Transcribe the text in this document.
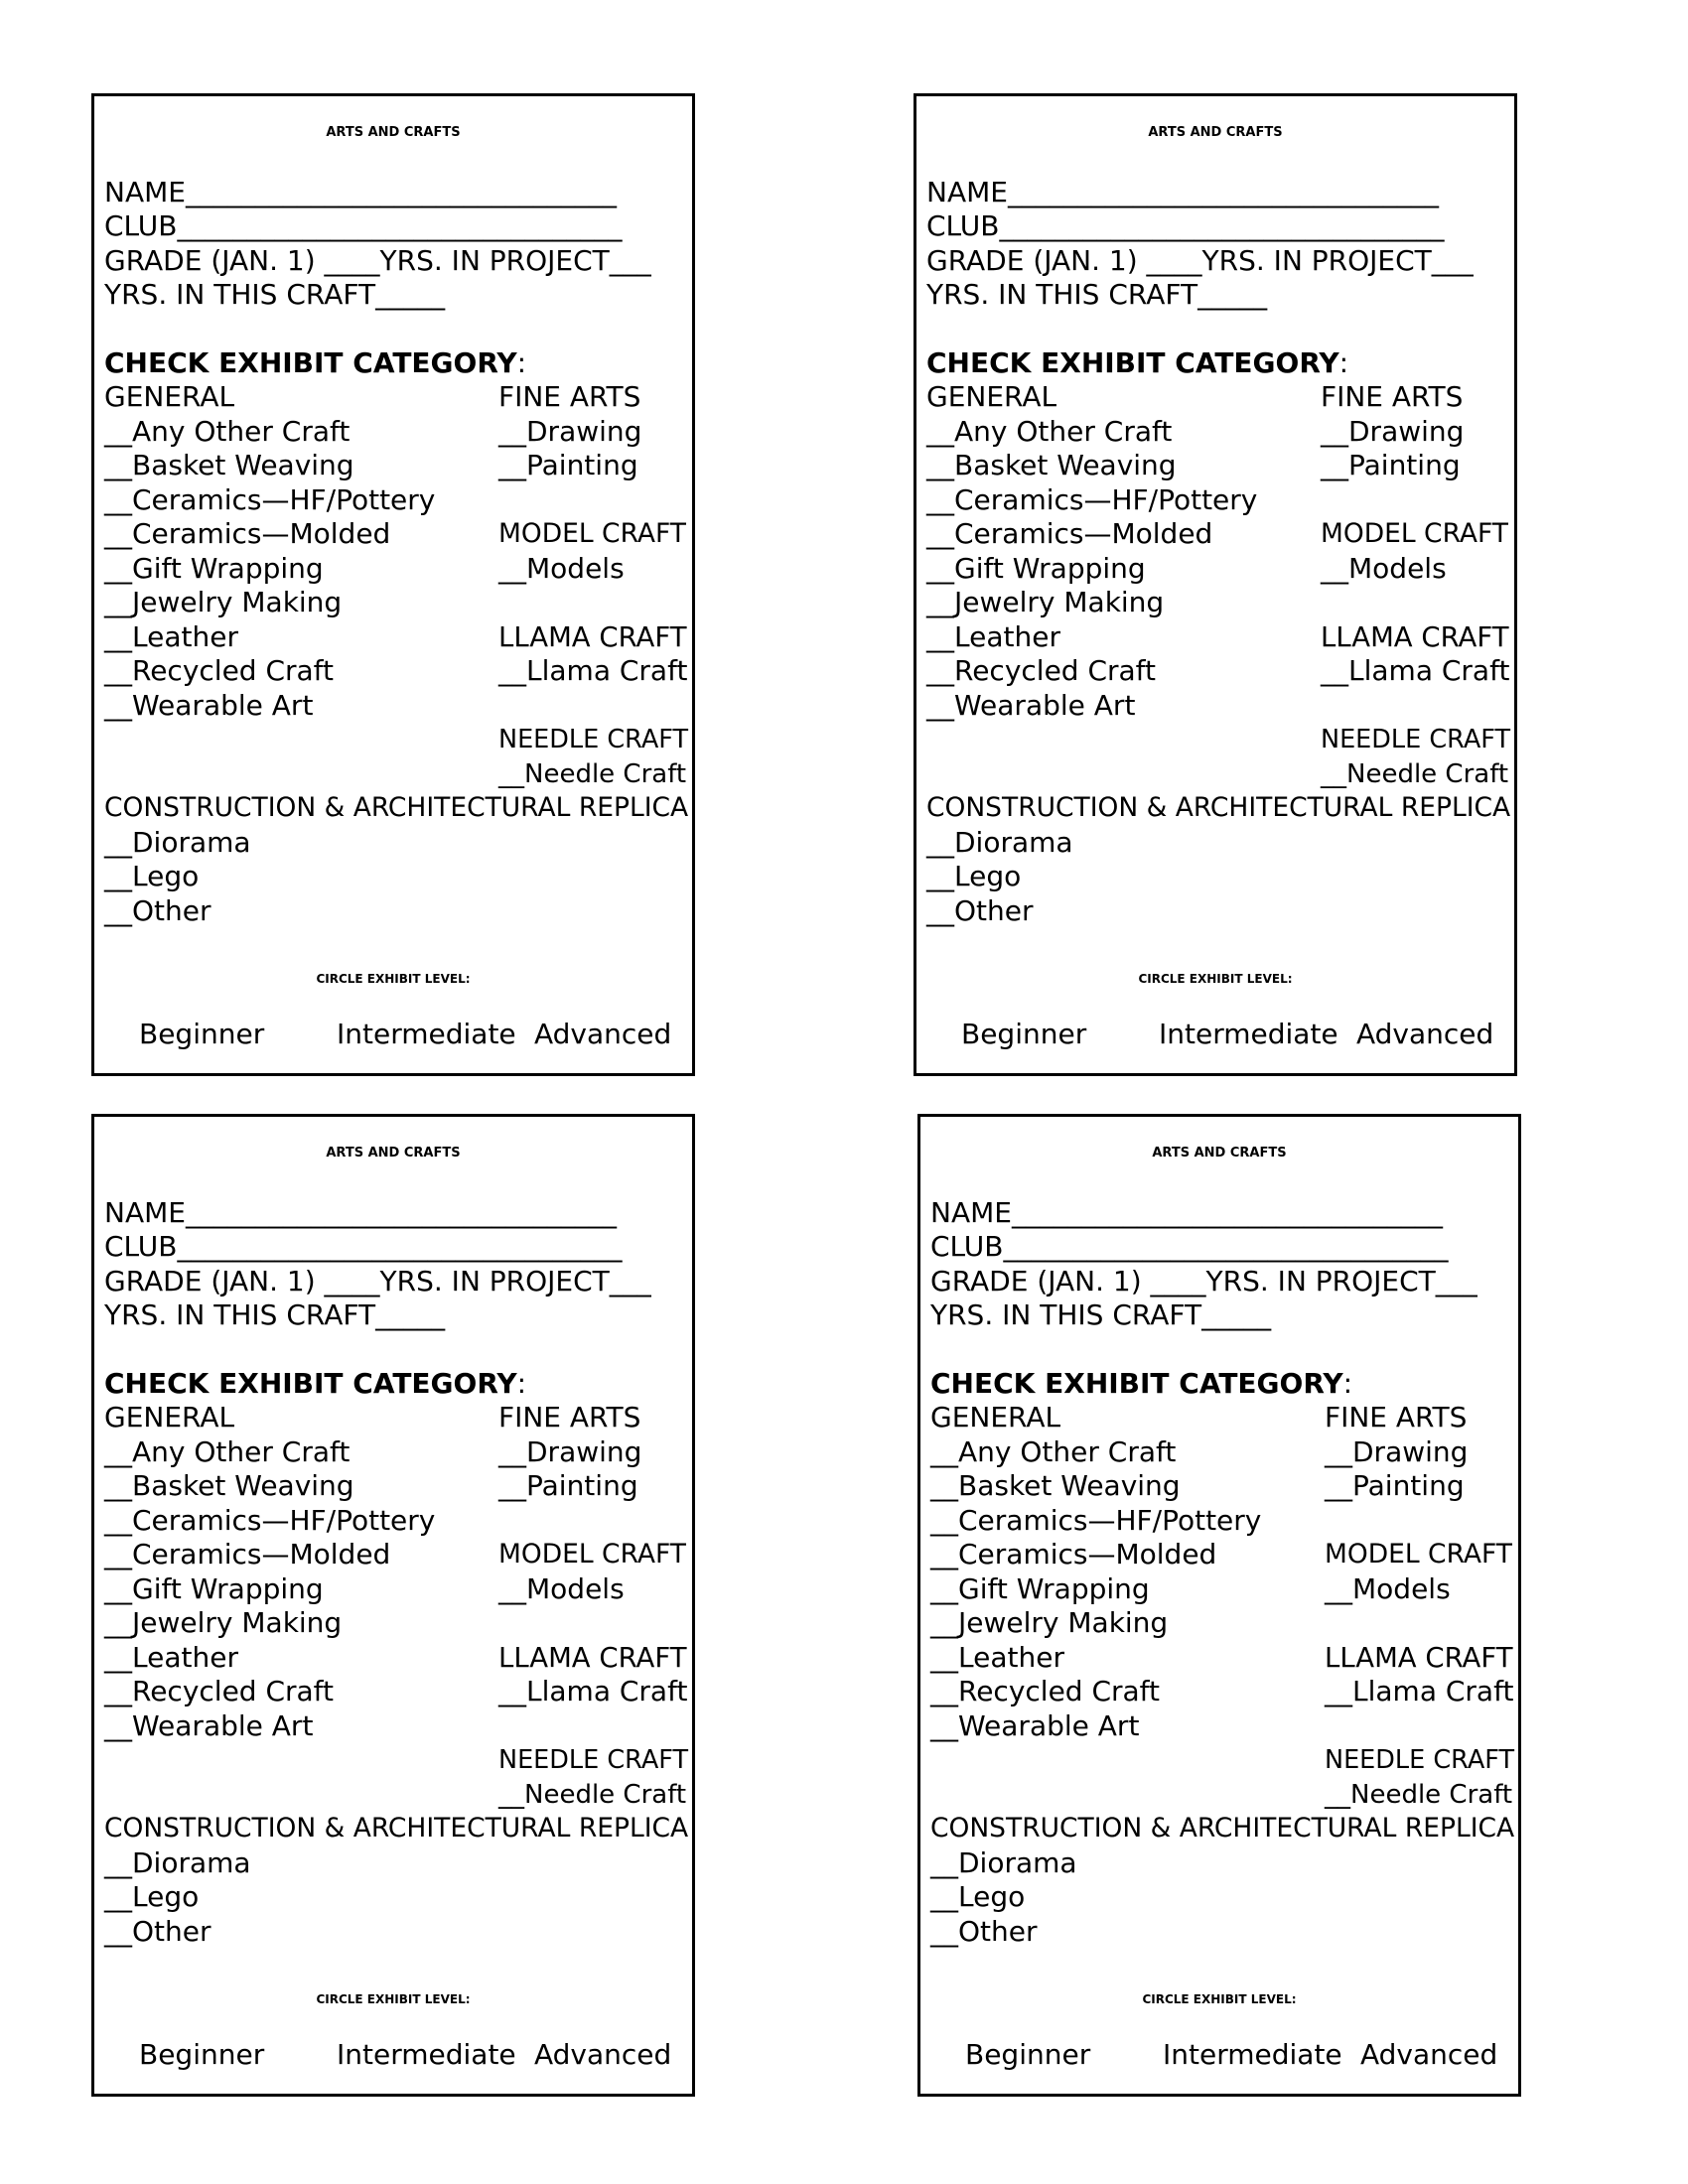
ARTS AND CRAFTS
NAME_______________________________
CLUB________________________________
GRADE (JAN. 1) ____YRS. IN PROJECT___
YRS. IN THIS CRAFT_____
CHECK EXHIBIT CATEGORY:
GENERAL
__Any Other Craft
__Basket Weaving
__Ceramics—HF/Pottery
__Ceramics—Molded
__Gift Wrapping
__Jewelry Making
__Leather
__Recycled Craft
__Wearable Art
FINE ARTS
__Drawing
__Painting
MODEL CRAFT
__Models
LLAMA CRAFT
__Llama Craft
NEEDLE CRAFT
__Needle Craft
CONSTRUCTION & ARCHITECTURAL REPLICA
__Diorama
__Lego
__Other
CIRCLE EXHIBIT LEVEL:
Beginner	Intermediate Advanced
ARTS AND CRAFTS
NAME_______________________________
CLUB________________________________
GRADE (JAN. 1) ____YRS. IN PROJECT___
YRS. IN THIS CRAFT_____
CHECK EXHIBIT CATEGORY:
GENERAL
__Any Other Craft
__Basket Weaving
__Ceramics—HF/Pottery
__Ceramics—Molded
__Gift Wrapping
__Jewelry Making
__Leather
__Recycled Craft
__Wearable Art
FINE ARTS
__Drawing
__Painting
MODEL CRAFT
__Models
LLAMA CRAFT
__Llama Craft
NEEDLE CRAFT
__Needle Craft
CONSTRUCTION & ARCHITECTURAL REPLICA
__Diorama
__Lego
__Other
CIRCLE EXHIBIT LEVEL:
Beginner	Intermediate Advanced
ARTS AND CRAFTS
NAME_______________________________
CLUB________________________________
GRADE (JAN. 1) ____YRS. IN PROJECT___
YRS. IN THIS CRAFT_____
CHECK EXHIBIT CATEGORY:
GENERAL
__Any Other Craft
__Basket Weaving
__Ceramics—HF/Pottery
__Ceramics—Molded
__Gift Wrapping
__Jewelry Making
__Leather
__Recycled Craft
__Wearable Art
FINE ARTS
__Drawing
__Painting
MODEL CRAFT
__Models
LLAMA CRAFT
__Llama Craft
NEEDLE CRAFT
__Needle Craft
CONSTRUCTION & ARCHITECTURAL REPLICA
__Diorama
__Lego
__Other
CIRCLE EXHIBIT LEVEL:
Beginner	Intermediate Advanced
ARTS AND CRAFTS
NAME_______________________________
CLUB________________________________
GRADE (JAN. 1) ____YRS. IN PROJECT___
YRS. IN THIS CRAFT_____
CHECK EXHIBIT CATEGORY:
GENERAL
__Any Other Craft
__Basket Weaving
__Ceramics—HF/Pottery
__Ceramics—Molded
__Gift Wrapping
__Jewelry Making
__Leather
__Recycled Craft
__Wearable Art
FINE ARTS
__Drawing
__Painting
MODEL CRAFT
__Models
LLAMA CRAFT
__Llama Craft
NEEDLE CRAFT
__Needle Craft
CONSTRUCTION & ARCHITECTURAL REPLICA
__Diorama
__Lego
__Other
CIRCLE EXHIBIT LEVEL:
Beginner	Intermediate Advanced
